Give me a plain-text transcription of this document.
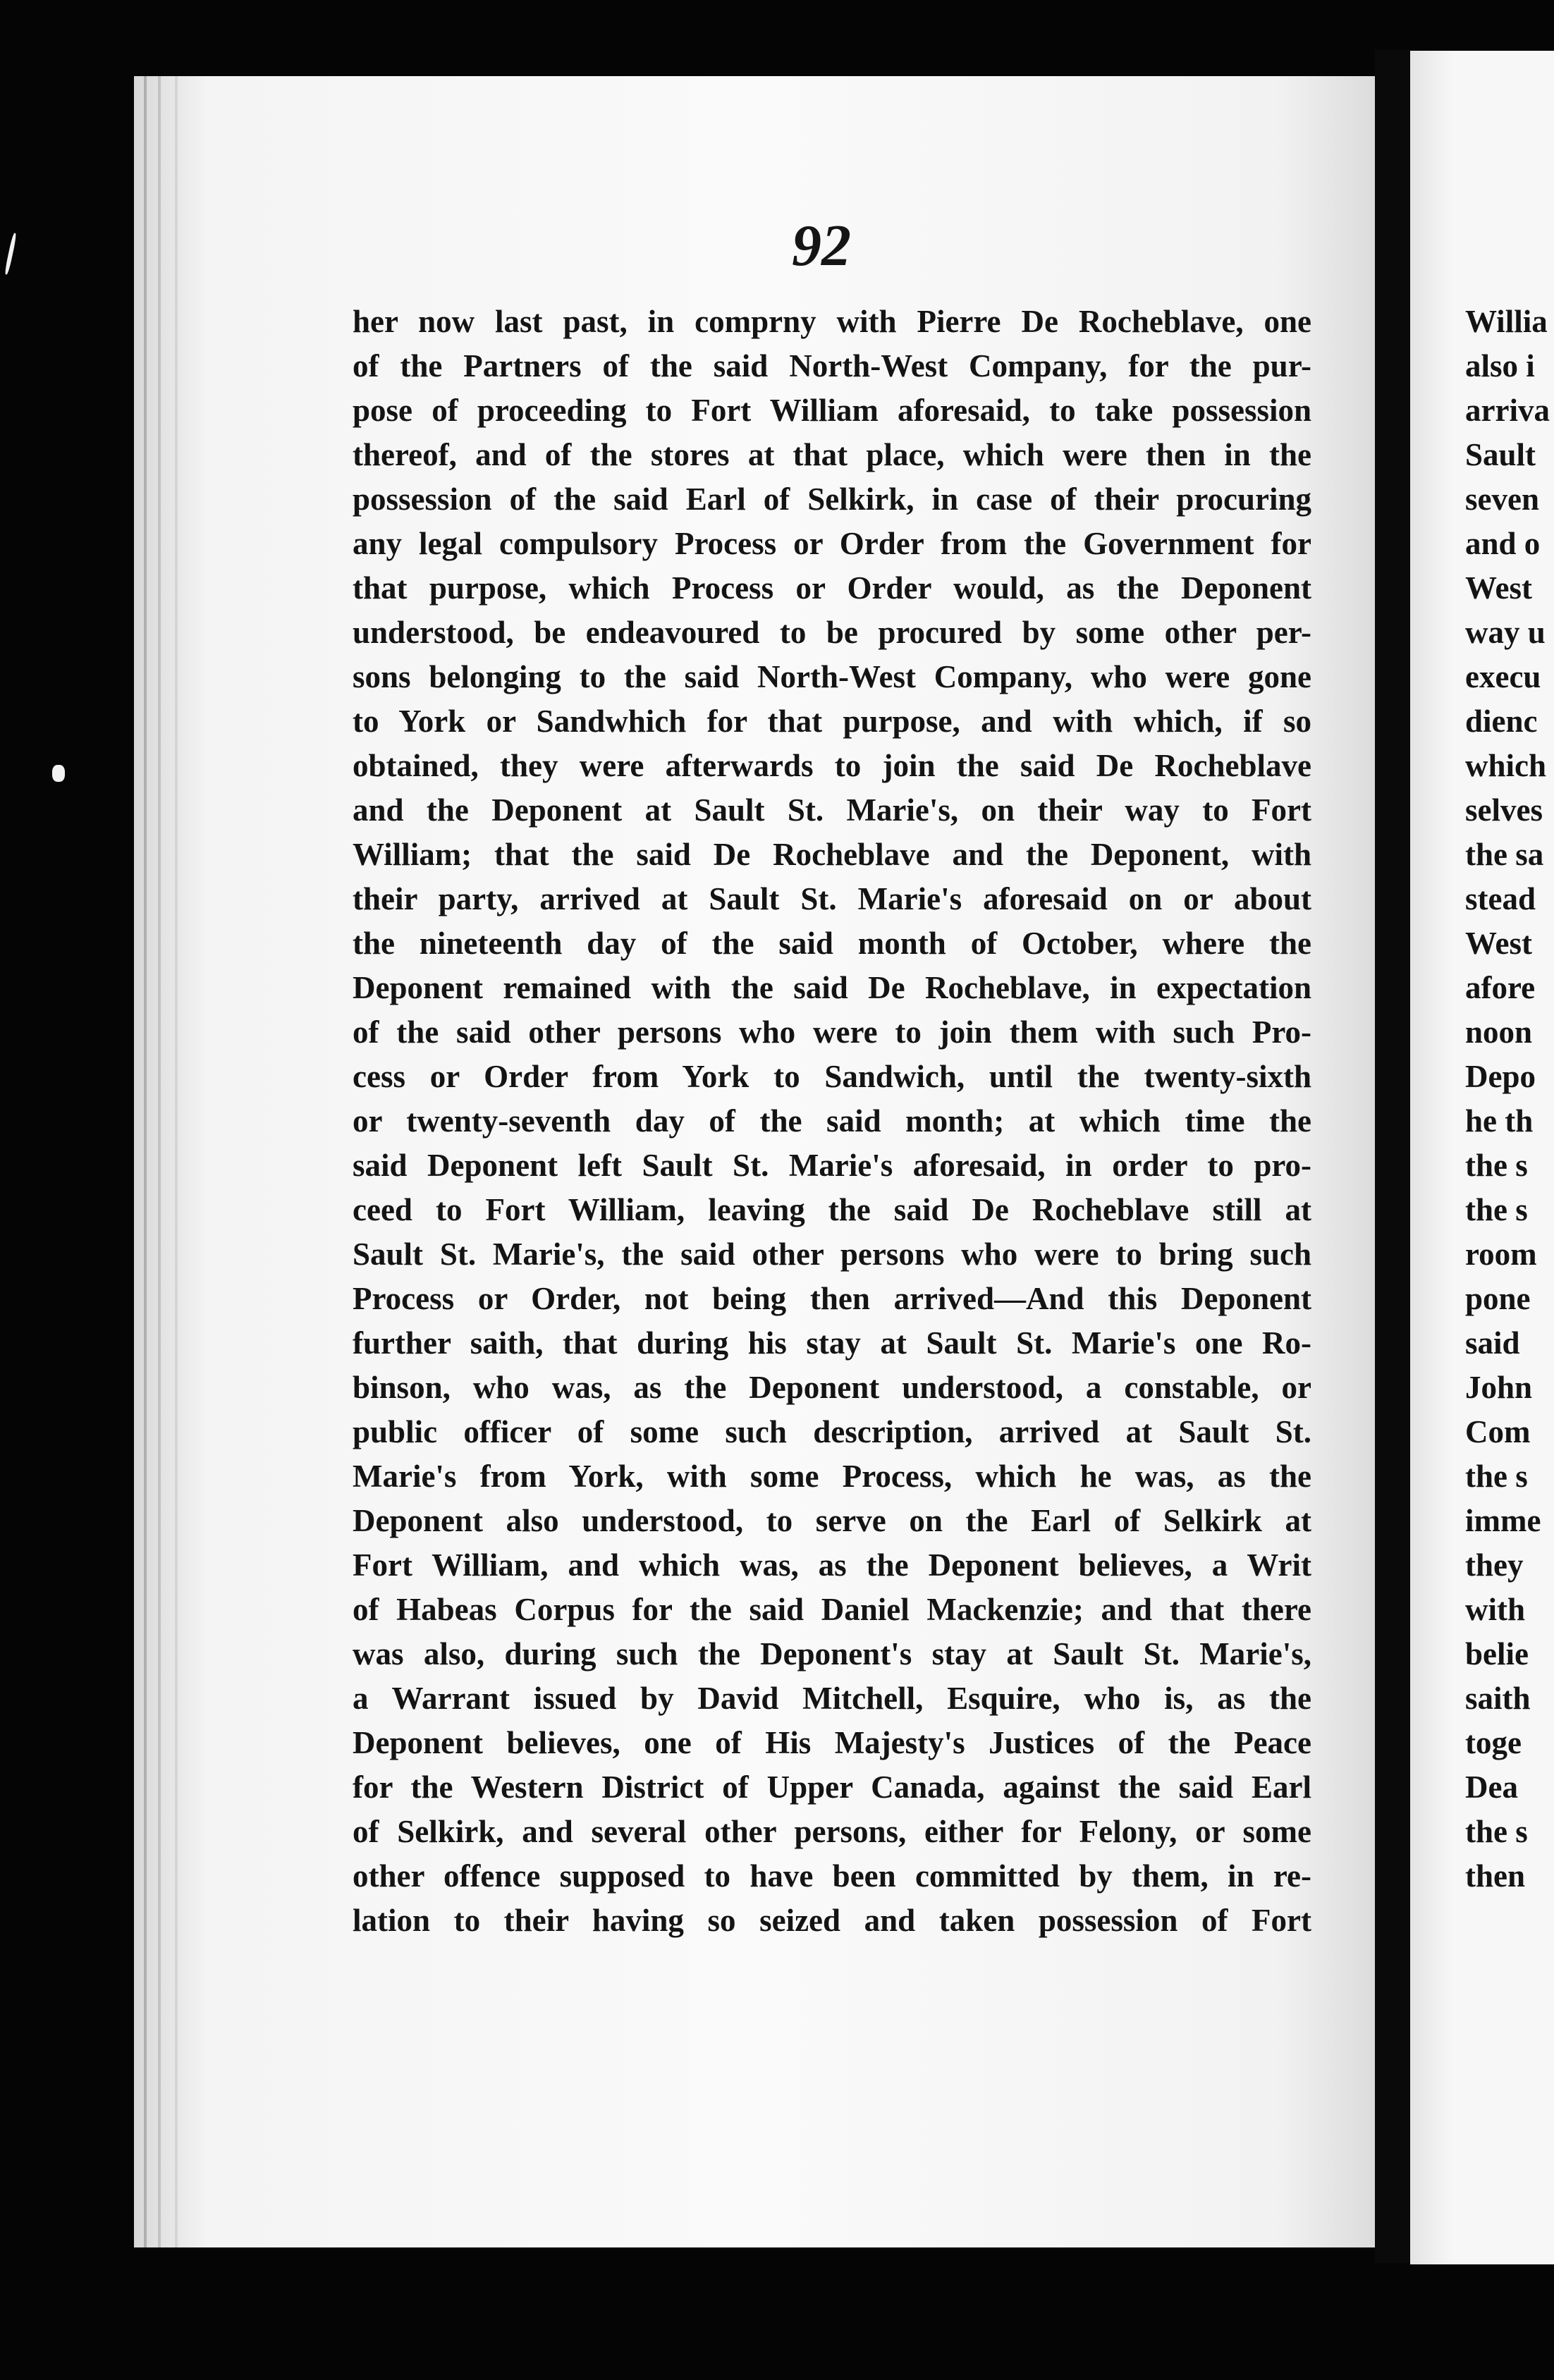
92
her now last past, in comprny with Pierre De Rocheblave, one
of the Partners of the said North-West Company, for the pur-
pose of proceeding to Fort William aforesaid, to take possession
thereof, and of the stores at that place, which were then in the
possession of the said Earl of Selkirk, in case of their procuring
any legal compulsory Process or Order from the Government for
that purpose, which Process or Order would, as the Deponent
understood, be endeavoured to be procured by some other per-
sons belonging to the said North-West Company, who were gone
to York or Sandwhich for that purpose, and with which, if so
obtained, they were afterwards to join the said De Rocheblave
and the Deponent at Sault St. Marie's, on their way to Fort
William; that the said De Rocheblave and the Deponent, with
their party, arrived at Sault St. Marie's aforesaid on or about
the nineteenth day of the said month of October, where the
Deponent remained with the said De Rocheblave, in expectation
of the said other persons who were to join them with such Pro-
cess or Order from York to Sandwich, until the twenty-sixth
or twenty-seventh day of the said month; at which time the
said Deponent left Sault St. Marie's aforesaid, in order to pro-
ceed to Fort William, leaving the said De Rocheblave still at
Sault St. Marie's, the said other persons who were to bring such
Process or Order, not being then arrived—And this Deponent
further saith, that during his stay at Sault St. Marie's one Ro-
binson, who was, as the Deponent understood, a constable, or
public officer of some such description, arrived at Sault St.
Marie's from York, with some Process, which he was, as the
Deponent also understood, to serve on the Earl of Selkirk at
Fort William, and which was, as the Deponent believes, a Writ
of Habeas Corpus for the said Daniel Mackenzie; and that there
was also, during such the Deponent's stay at Sault St. Marie's,
a Warrant issued by David Mitchell, Esquire, who is, as the
Deponent believes, one of His Majesty's Justices of the Peace
for the Western District of Upper Canada, against the said Earl
of Selkirk, and several other persons, either for Felony, or some
other offence supposed to have been committed by them, in re-
lation to their having so seized and taken possession of Fort
Willia
also i
arriva
Sault
seven
and o
West
way u
execu
dienc
which
selves
the sa
stead
West
afore
noon
Depo
he th
the s
the s
room
pone
said
John
Com
the s
imme
they
with
belie
saith
toge
Dea
the s
then
